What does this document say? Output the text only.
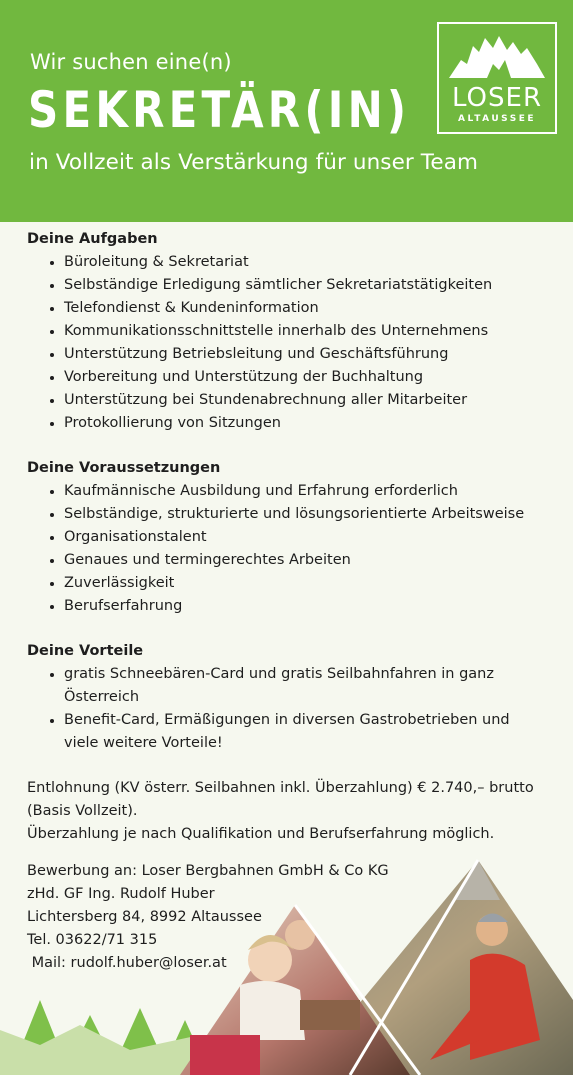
Wir suchen eine(n)
SEKRETÄR(IN)
in Vollzeit als Verstärkung für unser Team
LOSER
ALTAUSSEE

Deine Aufgaben

• Büroleitung & Sekretariat
• Selbständige Erledigung sämtlicher Sekretariatstätigkeiten
• Telefondienst & Kundeninformation
• Kommunikationsschnittstelle innerhalb des Unternehmens
• Unterstützung Betriebsleitung und Geschäftsführung
• Vorbereitung und Unterstützung der Buchhaltung
• Unterstützung bei Stundenabrechnung aller Mitarbeiter
• Protokollierung von Sitzungen

Deine Voraussetzungen

• Kaufmännische Ausbildung und Erfahrung erforderlich
• Selbständige, strukturierte und lösungsorientierte Arbeitsweise
• Organisationstalent
• Genaues und termingerechtes Arbeiten
• Zuverlässigkeit
• Berufserfahrung

Deine Vorteile

• gratis Schneebären-Card und gratis Seilbahnfahren in ganz Österreich
• Benefit-Card, Ermäßigungen in diversen Gastrobetrieben und viele weitere Vorteile!

Entlohnung (KV österr. Seilbahnen inkl. Überzahlung) € 2.740,– brutto (Basis Vollzeit).

Überzahlung je nach Qualifikation und Berufserfahrung möglich.

Bewerbung an: Loser Bergbahnen GmbH & Co KG
zHd. GF Ing. Rudolf Huber
Lichtersberg 84, 8992 Altaussee
Tel. 03622/71 315
Mail: rudolf.huber@loser.at
